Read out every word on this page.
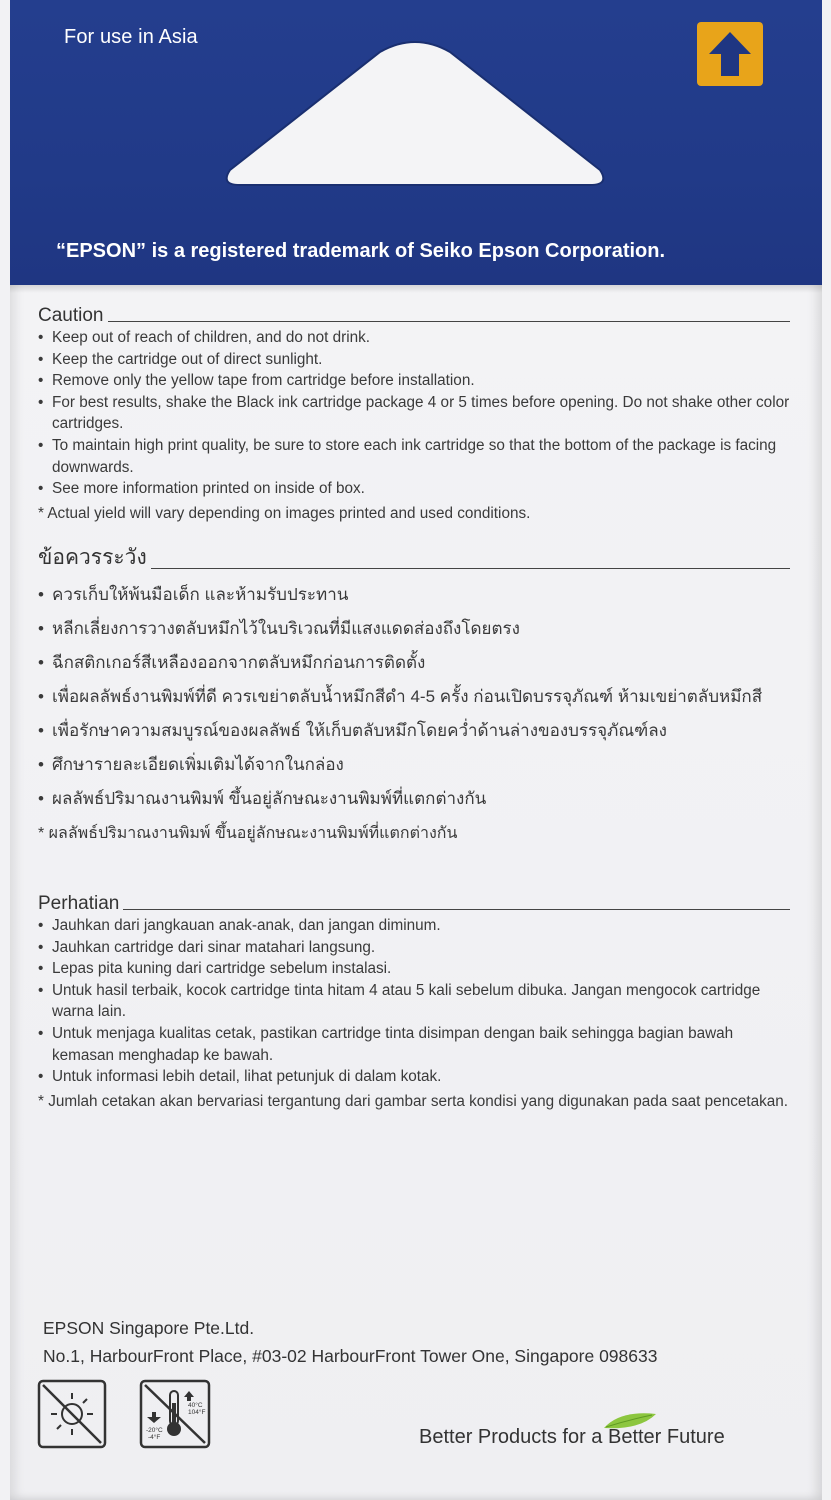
For use in Asia
“EPSON” is a registered trademark of Seiko Epson Corporation.
Caution
• Keep out of reach of children, and do not drink.
• Keep the cartridge out of direct sunlight.
• Remove only the yellow tape from cartridge before installation.
• For best results, shake the Black ink cartridge package 4 or 5 times before opening. Do not shake other color cartridges.
• To maintain high print quality, be sure to store each ink cartridge so that the bottom of the package is facing downwards.
• See more information printed on inside of box.
* Actual yield will vary depending on images printed and used conditions.
ข้อควรระวัง
• ควรเก็บให้พ้นมือเด็ก และห้ามรับประทาน
• หลีกเลี่ยงการวางตลับหมึกไว้ในบริเวณที่มีแสงแดดส่องถึงโดยตรง
• ฉีกสติกเกอร์สีเหลืองออกจากตลับหมึกก่อนการติดตั้ง
• เพื่อผลลัพธ์งานพิมพ์ที่ดี ควรเขย่าตลับน้ำหมึกสีดำ 4-5 ครั้ง ก่อนเปิดบรรจุภัณฑ์ ห้ามเขย่าตลับหมึกสี
• เพื่อรักษาความสมบูรณ์ของผลลัพธ์ ให้เก็บตลับหมึกโดยคว่ำด้านล่างของบรรจุภัณฑ์ลง
• ศึกษารายละเอียดเพิ่มเติมได้จากในกล่อง
• ผลลัพธ์ปริมาณงานพิมพ์ ขึ้นอยู่ลักษณะงานพิมพ์ที่แตกต่างกัน
* ผลลัพธ์ปริมาณงานพิมพ์ ขึ้นอยู่ลักษณะงานพิมพ์ที่แตกต่างกัน
Perhatian
• Jauhkan dari jangkauan anak-anak, dan jangan diminum.
• Jauhkan cartridge dari sinar matahari langsung.
• Lepas pita kuning dari cartridge sebelum instalasi.
• Untuk hasil terbaik, kocok cartridge tinta hitam 4 atau 5 kali sebelum dibuka. Jangan mengocok cartridge warna lain.
• Untuk menjaga kualitas cetak, pastikan cartridge tinta disimpan dengan baik sehingga bagian bawah kemasan menghadap ke bawah.
• Untuk informasi lebih detail, lihat petunjuk di dalam kotak.
* Jumlah cetakan akan bervariasi tergantung dari gambar serta kondisi yang digunakan pada saat pencetakan.
EPSON Singapore Pte.Ltd.
No.1, HarbourFront Place, #03-02 HarbourFront Tower One, Singapore 098633
40°C
104°F
-20°C
-4°F	Better Products for a Better Future
